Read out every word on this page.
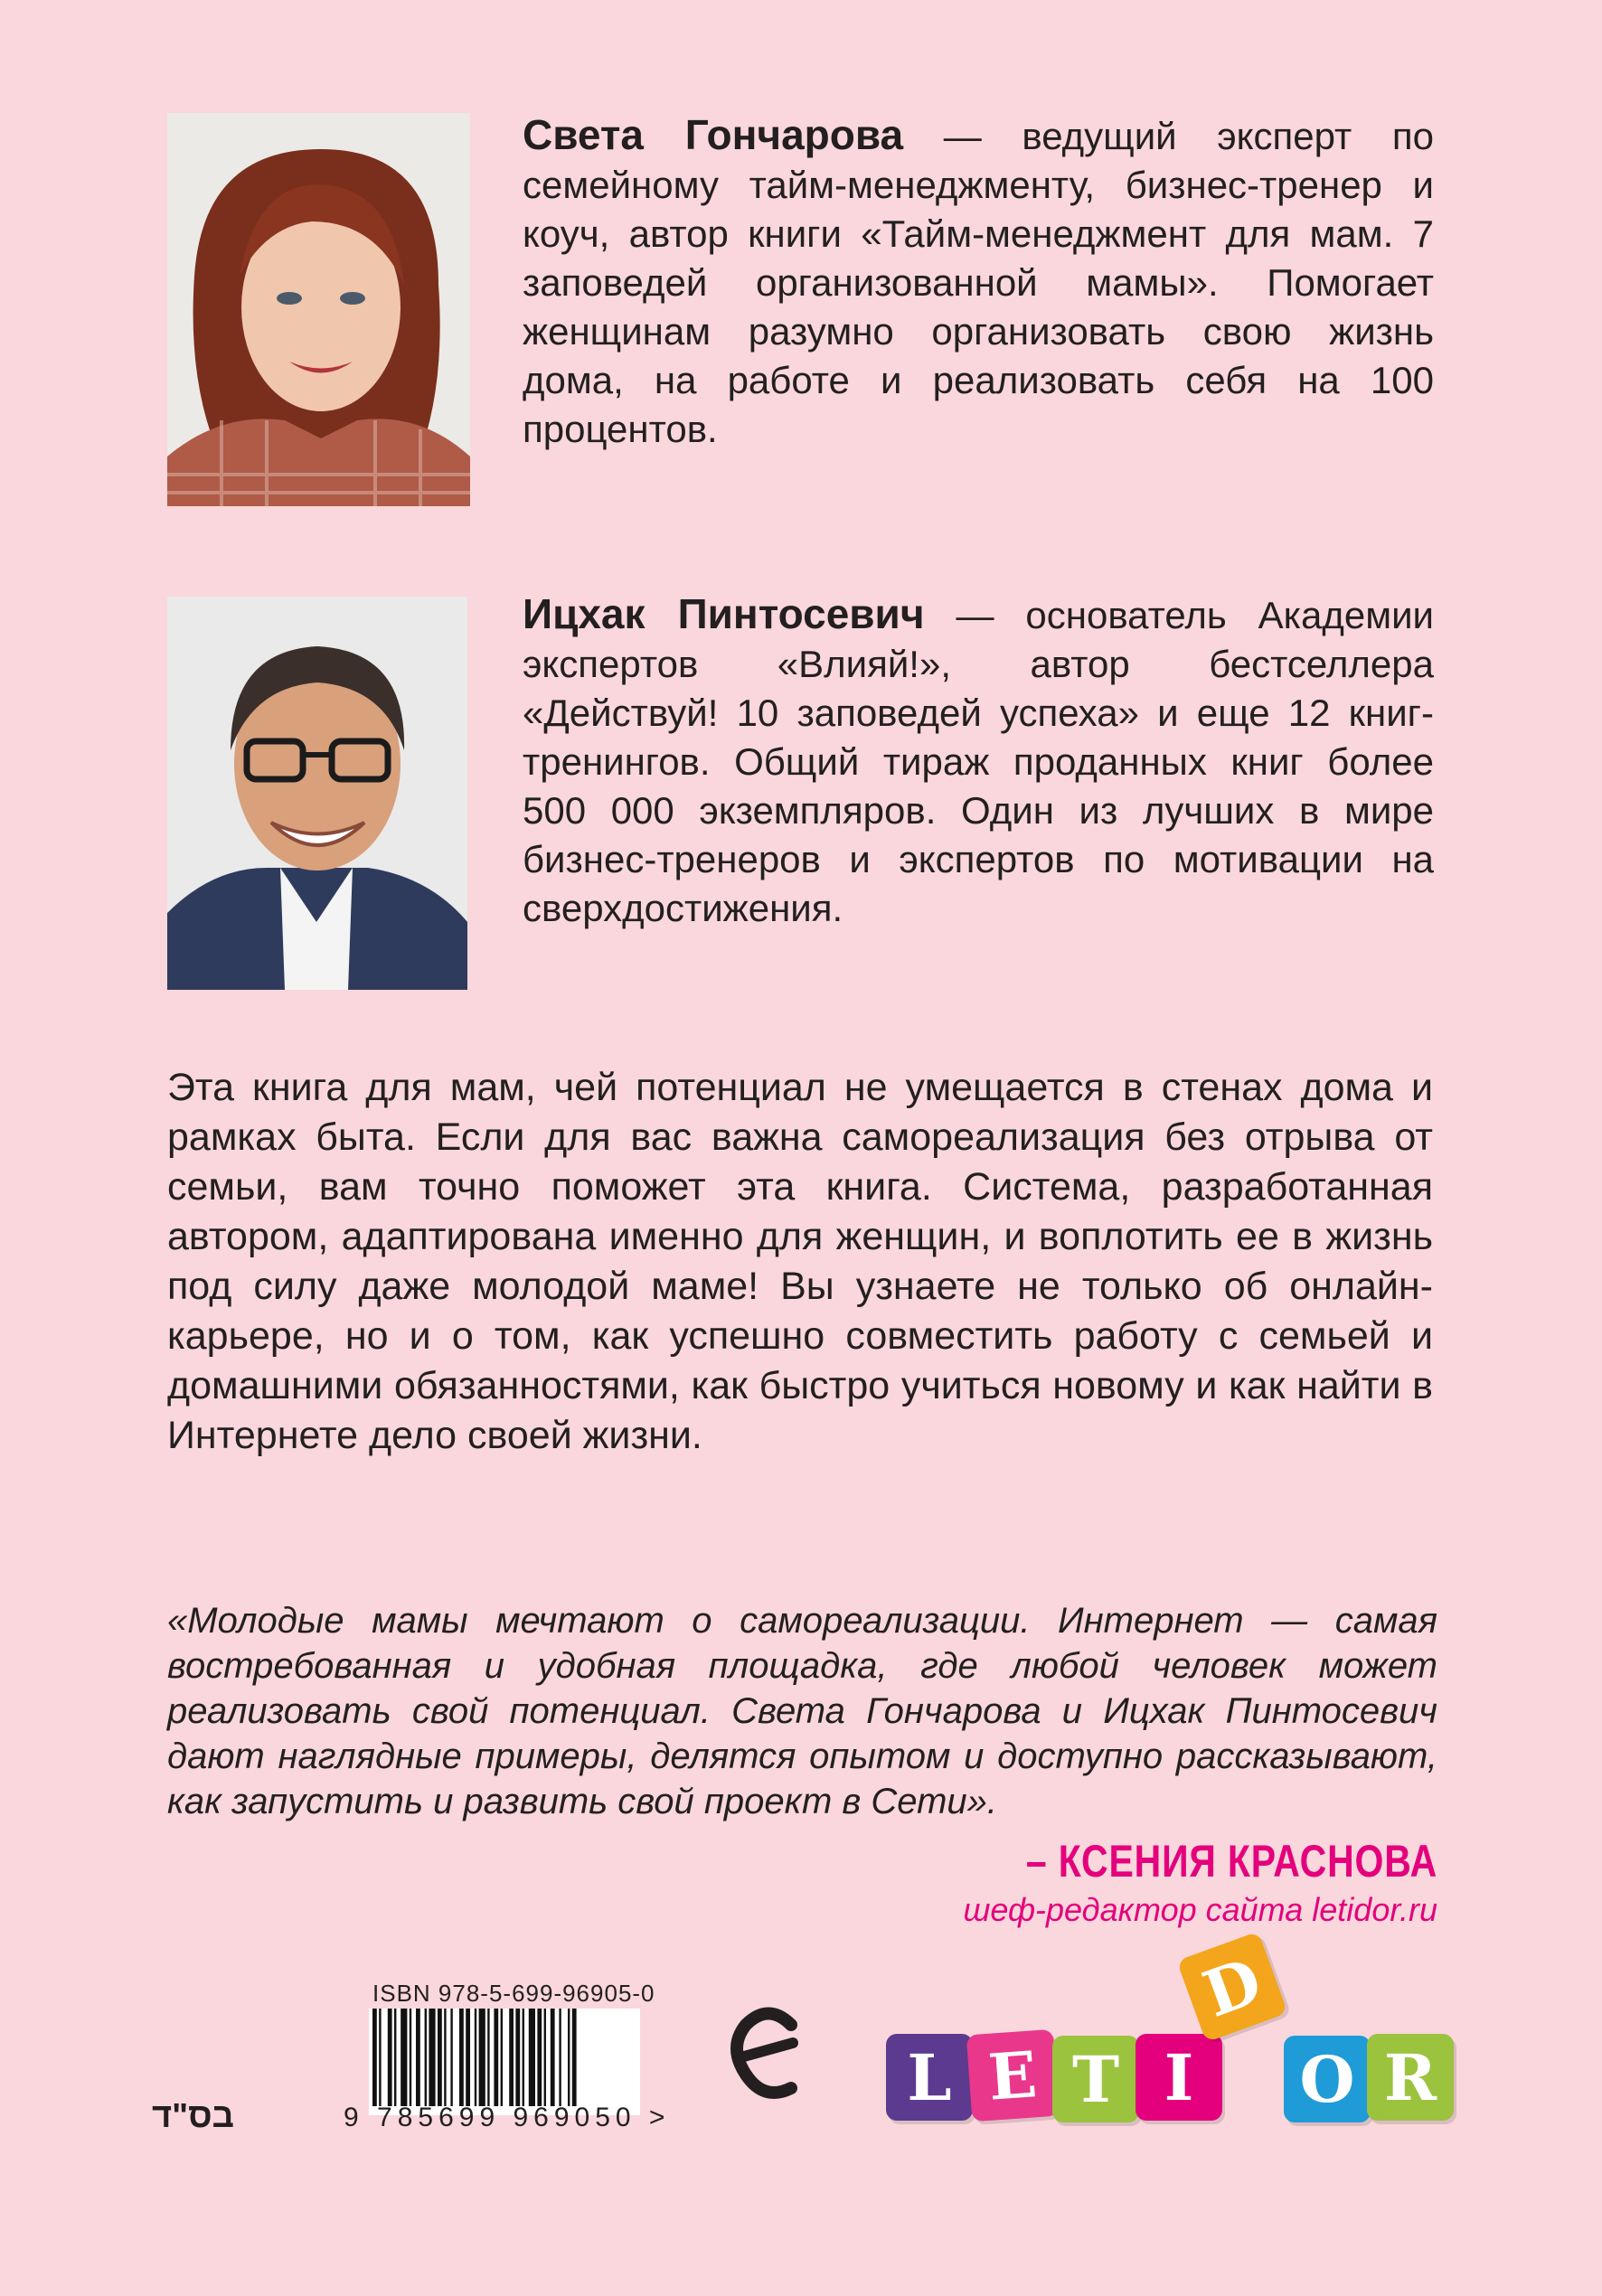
Света Гончарова — ведущий эксперт по семейному тайм-менеджменту, бизнес-тренер и коуч, автор книги «Тайм-менеджмент для мам. 7 заповедей организованной мамы». Помогает женщинам разумно организовать свою жизнь дома, на работе и реализовать себя на 100 процентов.
Ицхак Пинтосевич — основатель Академии экспертов «Влияй!», автор бестселлера «Действуй! 10 заповедей успеха» и еще 12 книг-тренингов. Общий тираж проданных книг более 500 000 экземпляров. Один из лучших в мире бизнес-тренеров и экспертов по мотивации на сверхдостижения.
Эта книга для мам, чей потенциал не умещается в стенах дома и рамках быта. Если для вас важна самореализация без отрыва от семьи, вам точно поможет эта книга. Система, разработанная автором, адаптирована именно для женщин, и воплотить ее в жизнь под силу даже молодой маме! Вы узнаете не только об онлайн-карьере, но и о том, как успешно совместить работу с семьей и домашними обязанностями, как быстро учиться новому и как найти в Интернете дело своей жизни.
«Молодые мамы мечтают о самореализации. Интернет — самая востребованная и удобная площадка, где любой человек может реализовать свой потенциал. Света Гончарова и Ицхак Пинтосевич дают наглядные примеры, делятся опытом и доступно рассказывают, как запустить и развить свой проект в Сети».
– КСЕНИЯ КРАСНОВА
шеф-редактор сайта letidor.ru
בס"ד
ISBN 978-5-699-96905-0
9 785699 969050 >
L E T I
D
O R
